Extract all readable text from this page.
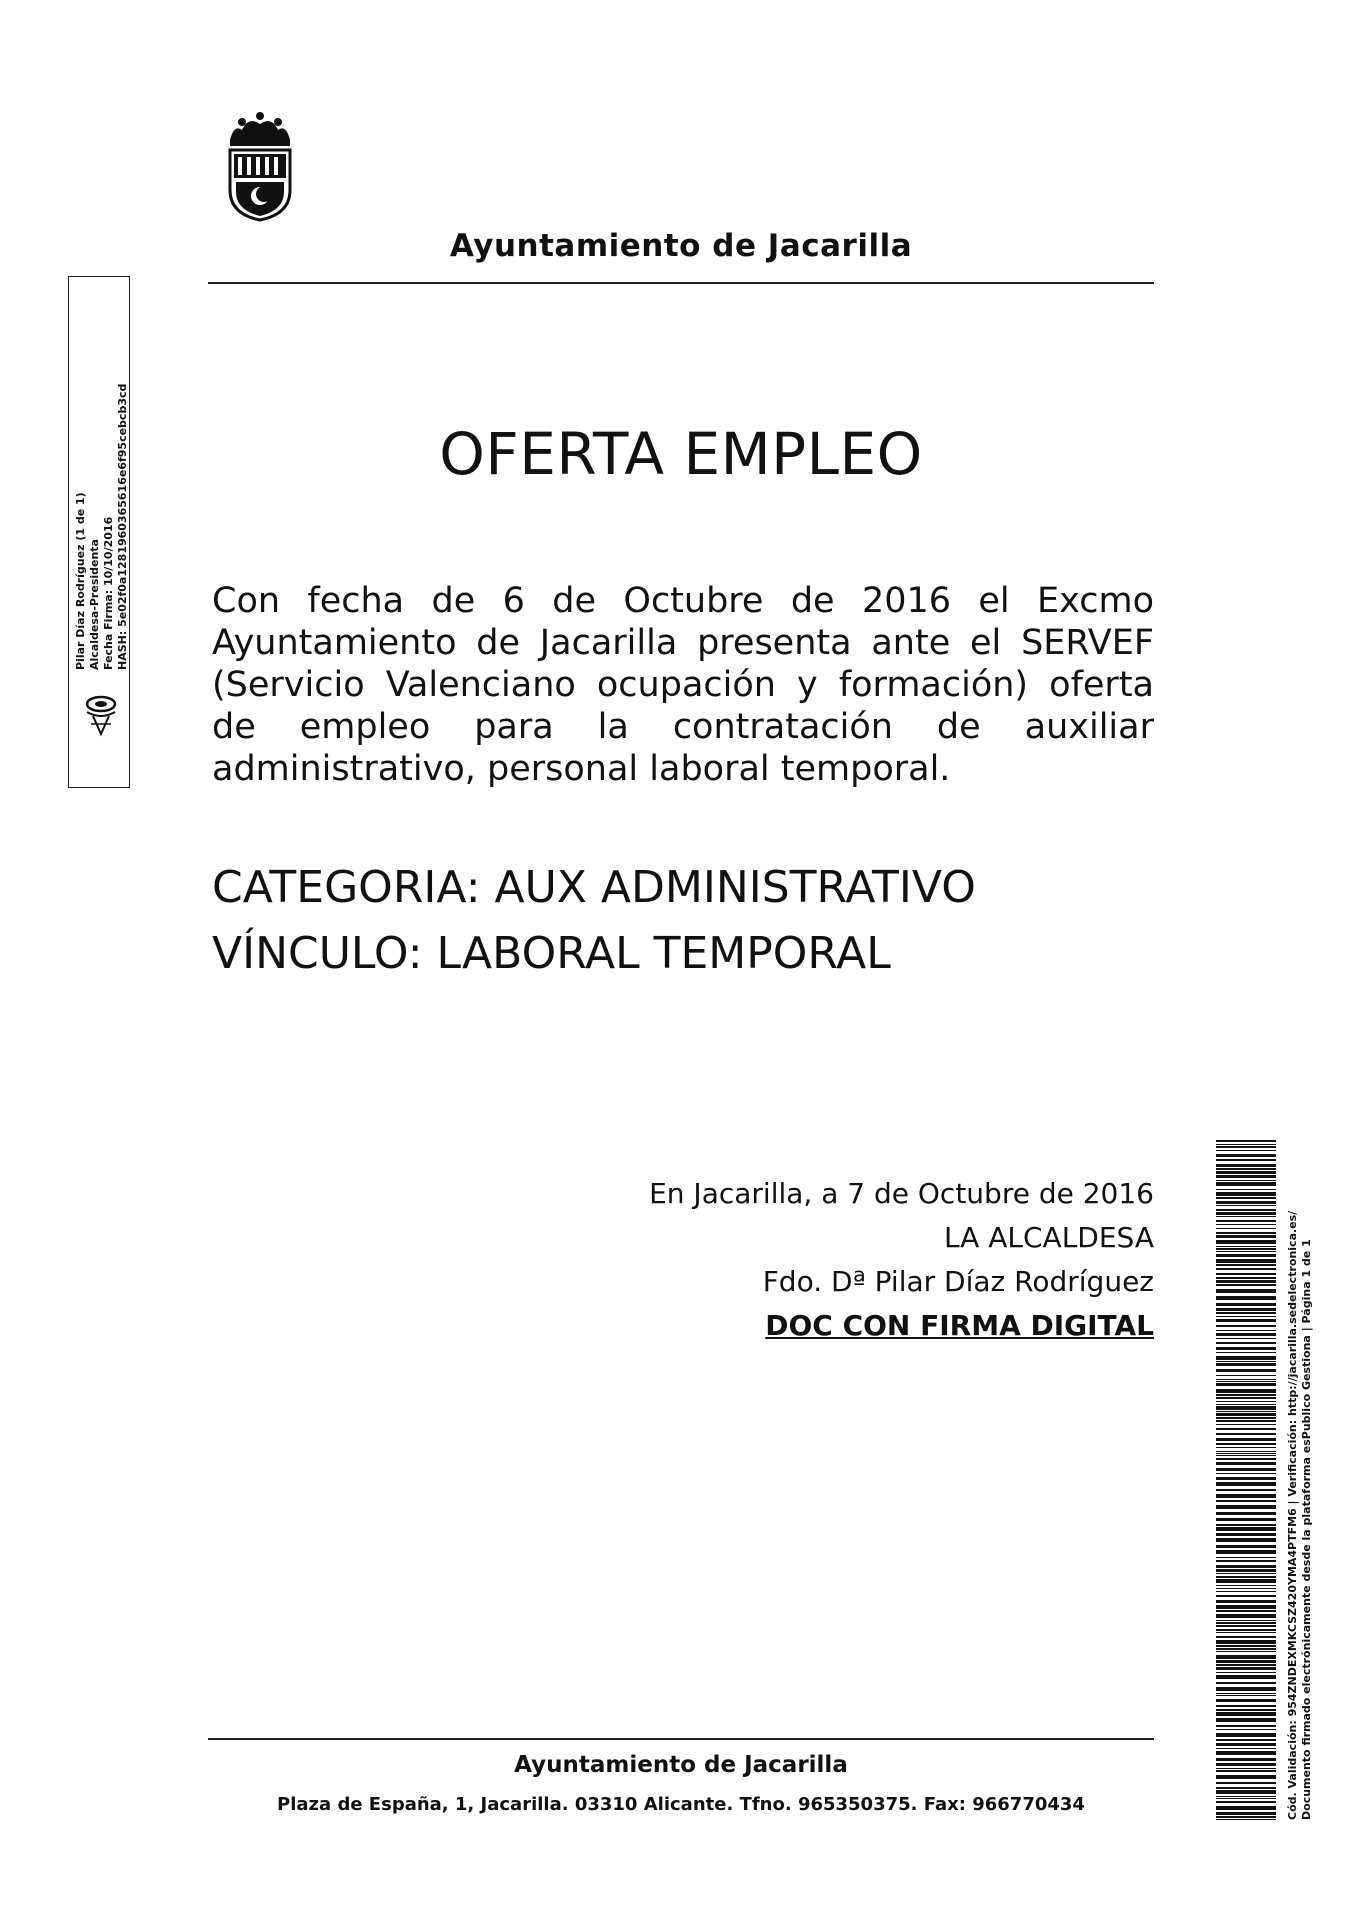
Ayuntamiento de Jacarilla
Pilar Díaz Rodríguez (1 de 1) Alcaldesa-Presidenta Fecha Firma: 10/10/2016 HASH: 5e02f0a1281960365616e6f95cebcb3cd	OFERTA EMPLEO
Con fecha de 6 de Octubre de 2016 el Excmo Ayuntamiento de Jacarilla presenta ante el SERVEF (Servicio Valenciano ocupación y formación) oferta de empleo para la contratación de auxiliar administrativo, personal laboral temporal.
CATEGORIA: AUX ADMINISTRATIVO
VÍNCULO: LABORAL TEMPORAL
En Jacarilla, a 7 de Octubre de 2016
LA ALCALDESA
Fdo. Dª Pilar Díaz Rodríguez
DOC CON FIRMA DIGITAL
Ayuntamiento de Jacarilla
Plaza de España, 1, Jacarilla. 03310 Alicante. Tfno. 965350375. Fax: 966770434	Cód. Validación: 954ZNDEXMKCSZ420YMA4PTFM6 | Verificación: http://jacarilla.sedelectronica.es/ Documento firmado electrónicamente desde la plataforma esPublico Gestiona | Página 1 de 1
